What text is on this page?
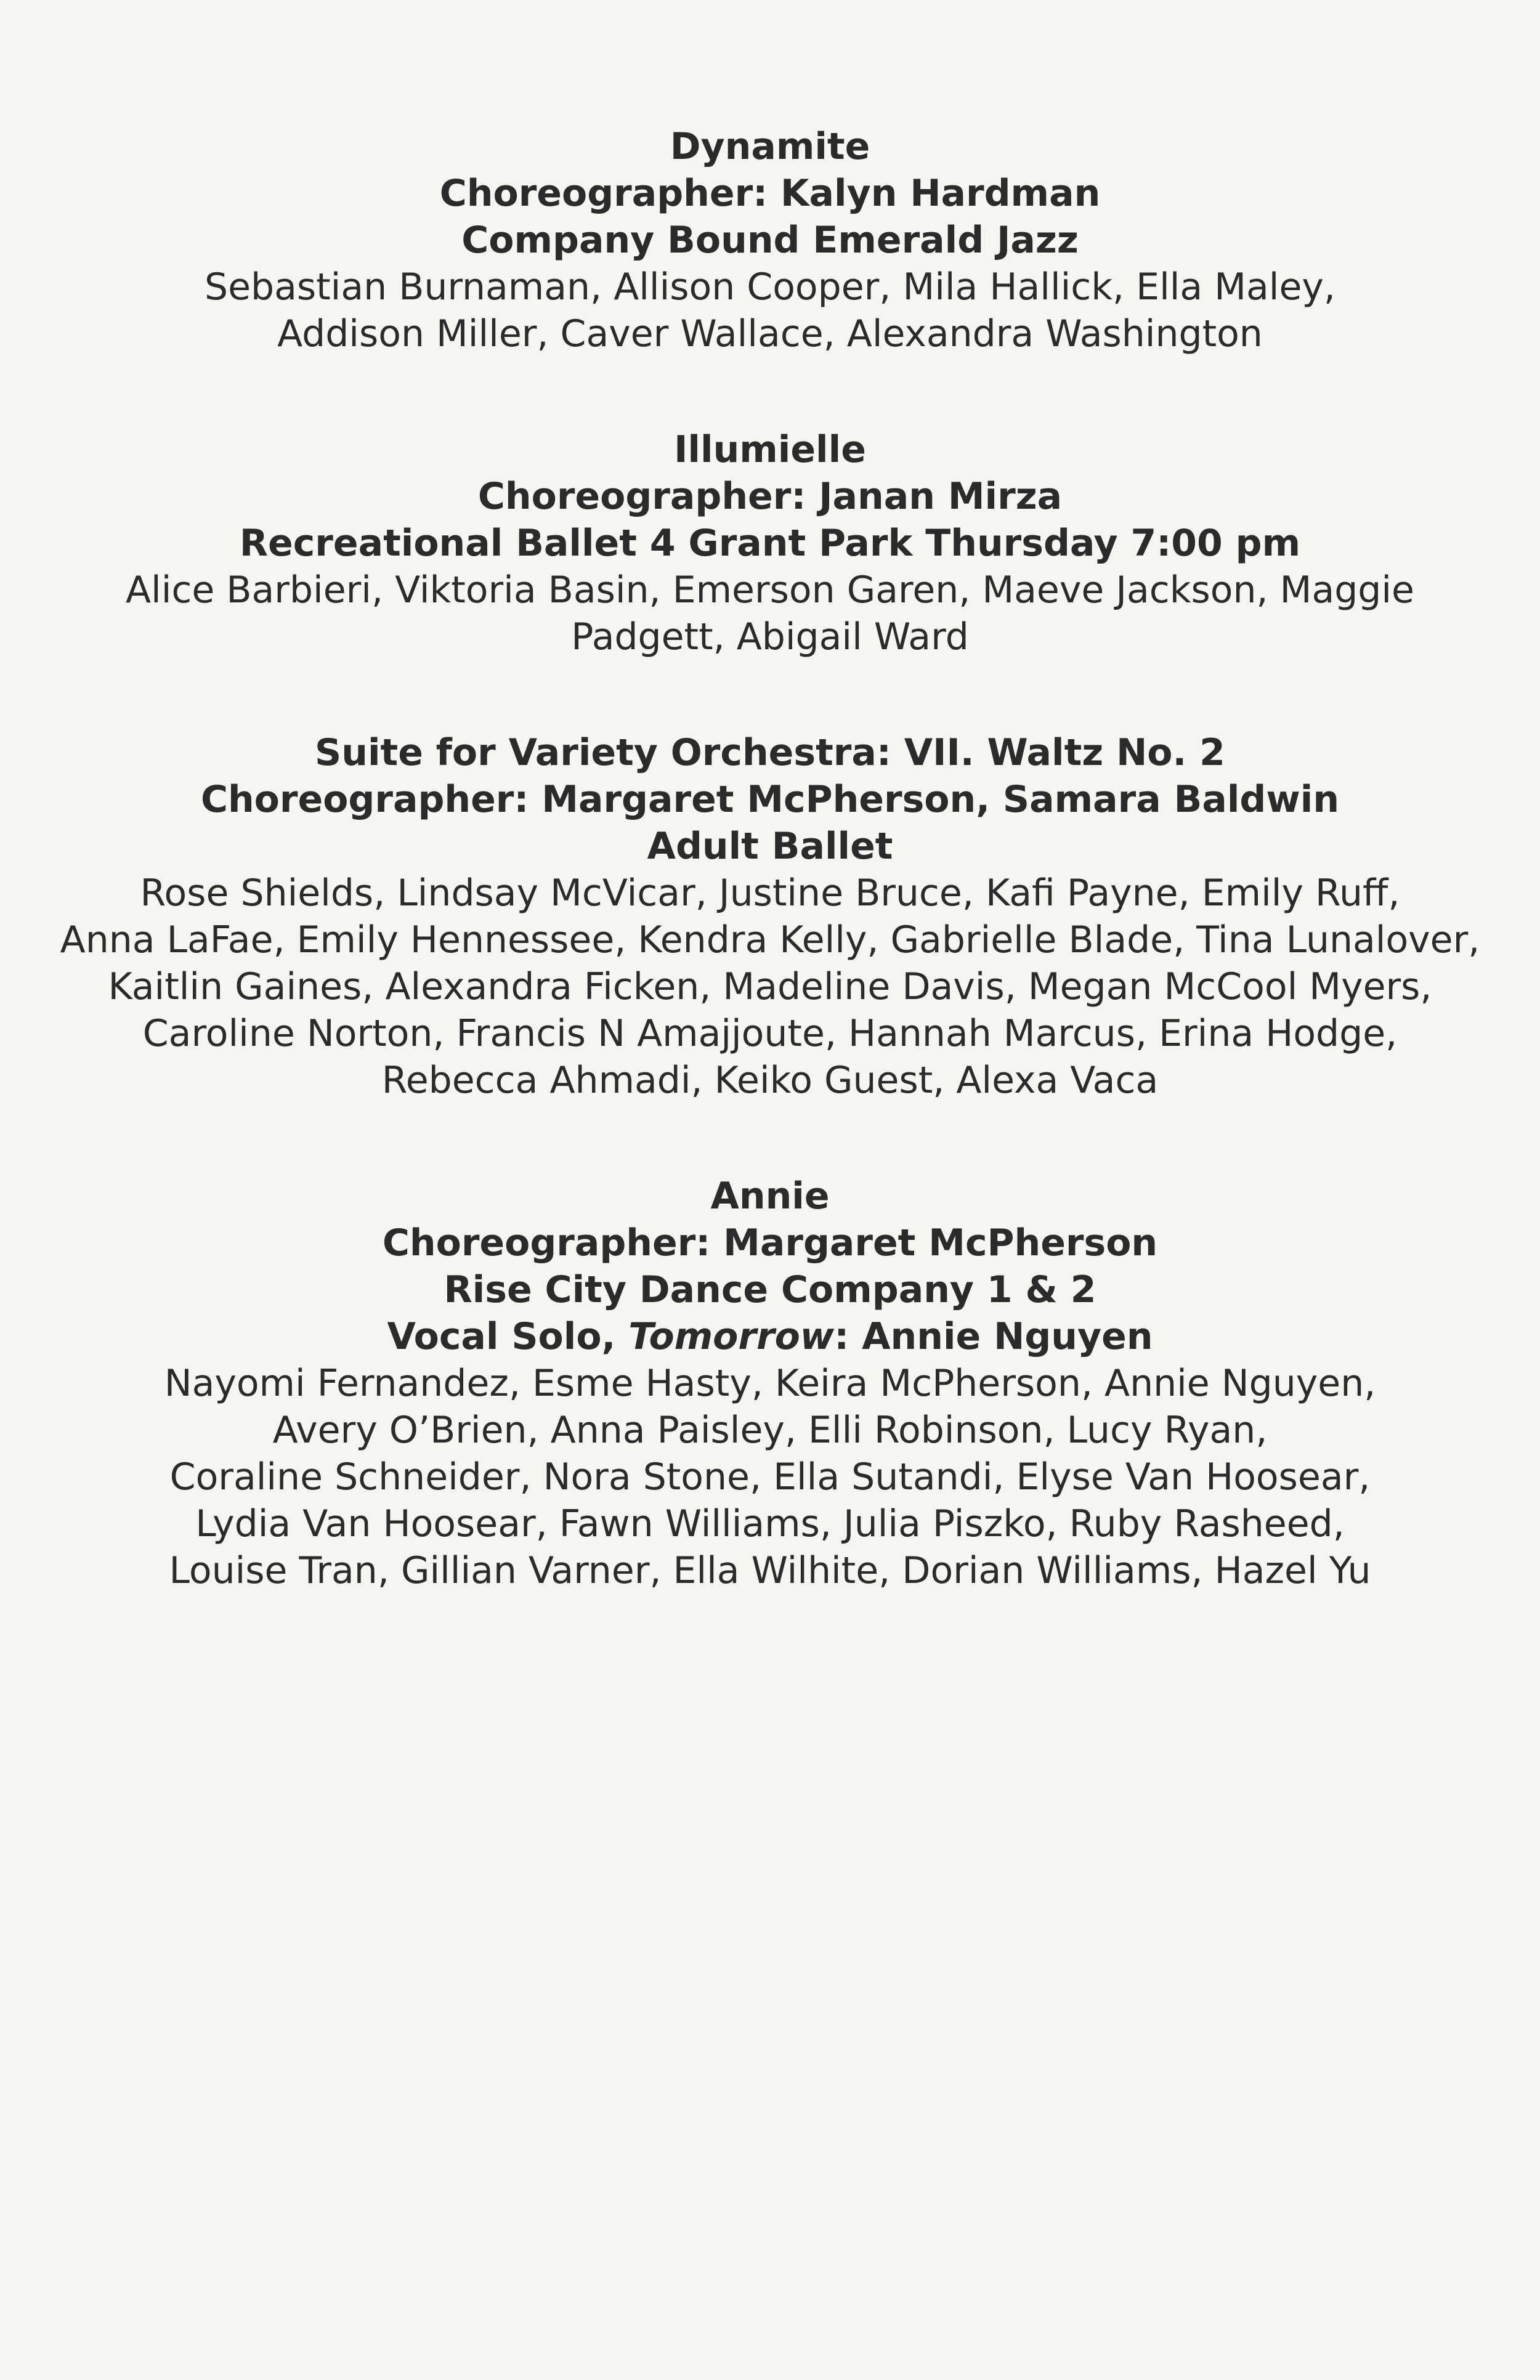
Dynamite
Choreographer: Kalyn Hardman
Company Bound Emerald Jazz
Sebastian Burnaman, Allison Cooper, Mila Hallick, Ella Maley,
Addison Miller, Caver Wallace, Alexandra Washington
Illumielle
Choreographer: Janan Mirza
Recreational Ballet 4 Grant Park Thursday 7:00 pm
Alice Barbieri, Viktoria Basin, Emerson Garen, Maeve Jackson, Maggie
Padgett, Abigail Ward
Suite for Variety Orchestra: VII. Waltz No. 2
Choreographer: Margaret McPherson, Samara Baldwin
Adult Ballet
Rose Shields, Lindsay McVicar, Justine Bruce, Kafi Payne, Emily Ruff,
Anna LaFae, Emily Hennessee, Kendra Kelly, Gabrielle Blade, Tina Lunalover,
Kaitlin Gaines, Alexandra Ficken, Madeline Davis, Megan McCool Myers,
Caroline Norton, Francis N Amajjoute, Hannah Marcus, Erina Hodge,
Rebecca Ahmadi, Keiko Guest, Alexa Vaca
Annie
Choreographer: Margaret McPherson
Rise City Dance Company 1 & 2
Vocal Solo, Tomorrow: Annie Nguyen
Nayomi Fernandez, Esme Hasty, Keira McPherson, Annie Nguyen,
Avery O’Brien, Anna Paisley, Elli Robinson, Lucy Ryan,
Coraline Schneider, Nora Stone, Ella Sutandi, Elyse Van Hoosear,
Lydia Van Hoosear, Fawn Williams, Julia Piszko, Ruby Rasheed,
Louise Tran, Gillian Varner, Ella Wilhite, Dorian Williams, Hazel Yu
